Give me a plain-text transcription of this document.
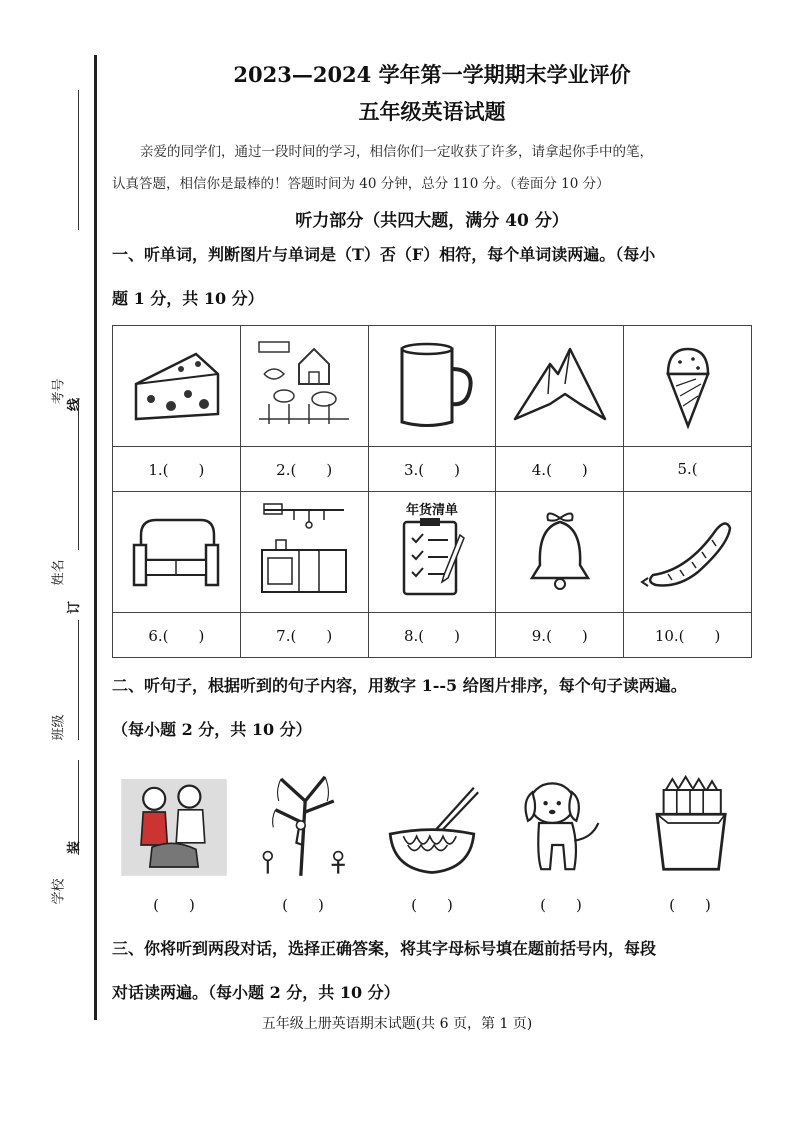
考号 线
姓名
订
班级
装
学校
2023—2024 学年第一学期期末学业评价
五年级英语试题

亲爱的同学们，通过一段时间的学习，相信你们一定收获了许多，请拿起你手中的笔，
认真答题，相信你是最棒的！答题时间为 40 分钟，总分 110 分。（卷面分 10 分）

听力部分（共四大题，满分 40 分）

一、听单词，判断图片与单词是（T）否（F）相符，每个单词读两遍。（每小
题 1 分，共 10 分）

1.(　　)	2.(　　)	3.(　　)	4.(　　)	5.(

年货清单

6.(　　)	7.(　　)	8.(　　)	9.(　　)	10.(　　)

二、听句子，根据听到的句子内容，用数字 1--5 给图片排序，每个句子读两遍。
（每小题 2 分，共 10 分）

(　　)	(　　)	(　　)	(　　)	(　　)

三、你将听到两段对话，选择正确答案，将其字母标号填在题前括号内，每段
对话读两遍。（每小题 2 分，共 10 分）

五年级上册英语期末试题(共 6 页，第 1 页)
